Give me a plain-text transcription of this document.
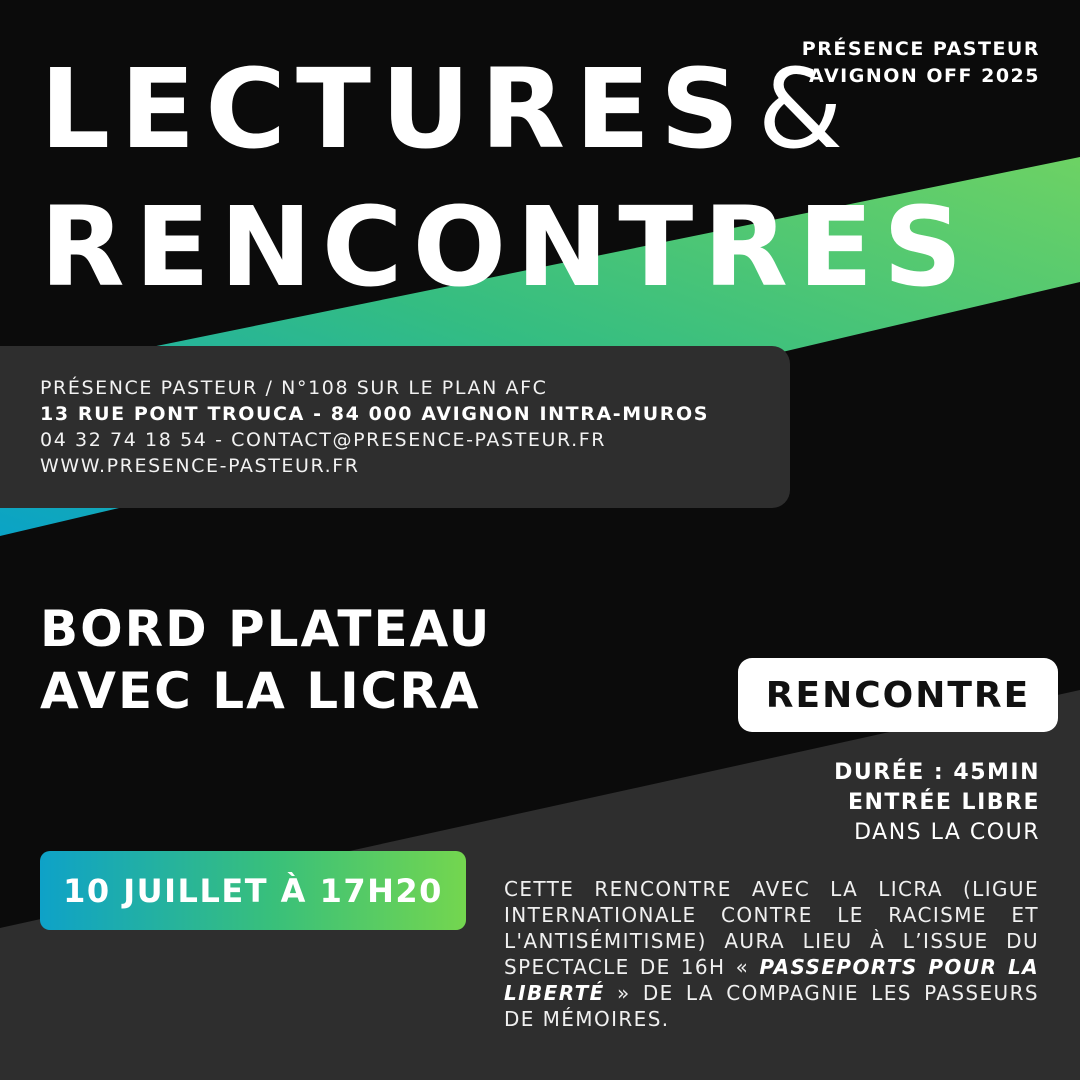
PRÉSENCE PASTEUR
AVIGNON OFF 2025
LECTURES&
RENCONTRES
PRÉSENCE PASTEUR / N°108 SUR LE PLAN AFC
13 RUE PONT TROUCA - 84 000 AVIGNON INTRA-MUROS
04 32 74 18 54 - CONTACT@PRESENCE-PASTEUR.FR
WWW.PRESENCE-PASTEUR.FR
BORD PLATEAU
AVEC LA LICRA	RENCONTRE
DURÉE : 45MIN
ENTRÉE LIBRE
DANS LA COUR
10 JUILLET À 17H20	CETTE RENCONTRE AVEC LA LICRA (LIGUE INTERNATIONALE CONTRE LE RACISME ET L'ANTISÉMITISME) AURA LIEU À L’ISSUE DU SPECTACLE DE 16H « PASSEPORTS POUR LA LIBERTÉ » DE LA COMPAGNIE LES PASSEURS DE MÉMOIRES.
